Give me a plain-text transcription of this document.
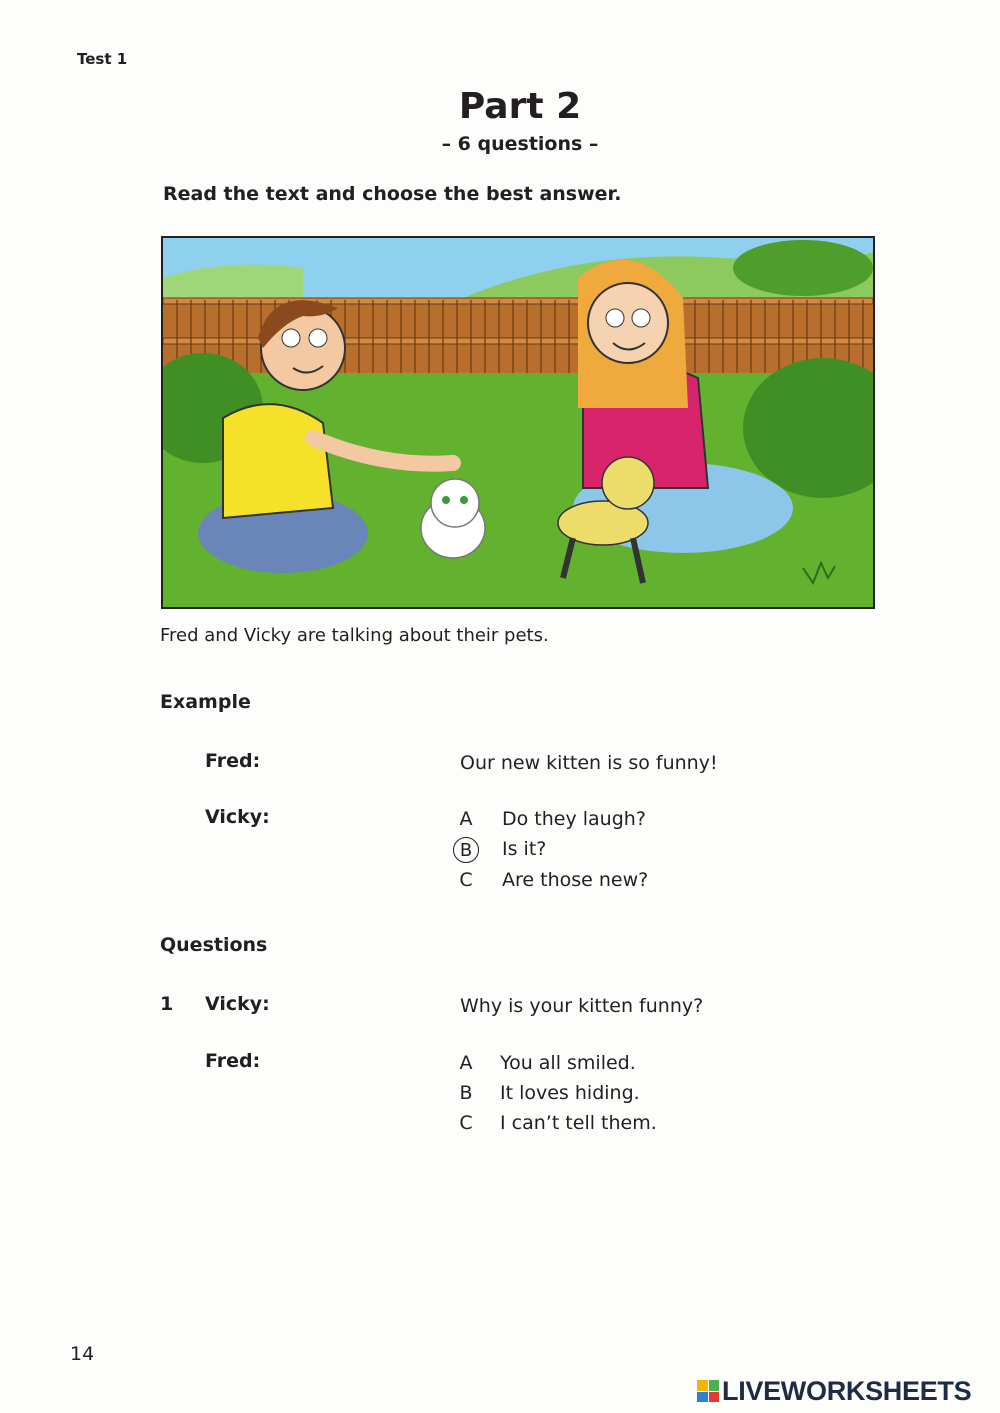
Test 1
Part 2
– 6 questions –
Read the text and choose the best answer.
Fred and Vicky are talking about their pets.
Example
Fred:	Our new kitten is so funny!
Vicky:	A Do they laugh?
B	Is it?
C Are those new?
Questions
1 Vicky:	Why is your kitten funny?
Fred:	A You all smiled.
B It loves hiding.
C I can’t tell them.
14
LIVEWORKSHEETS
